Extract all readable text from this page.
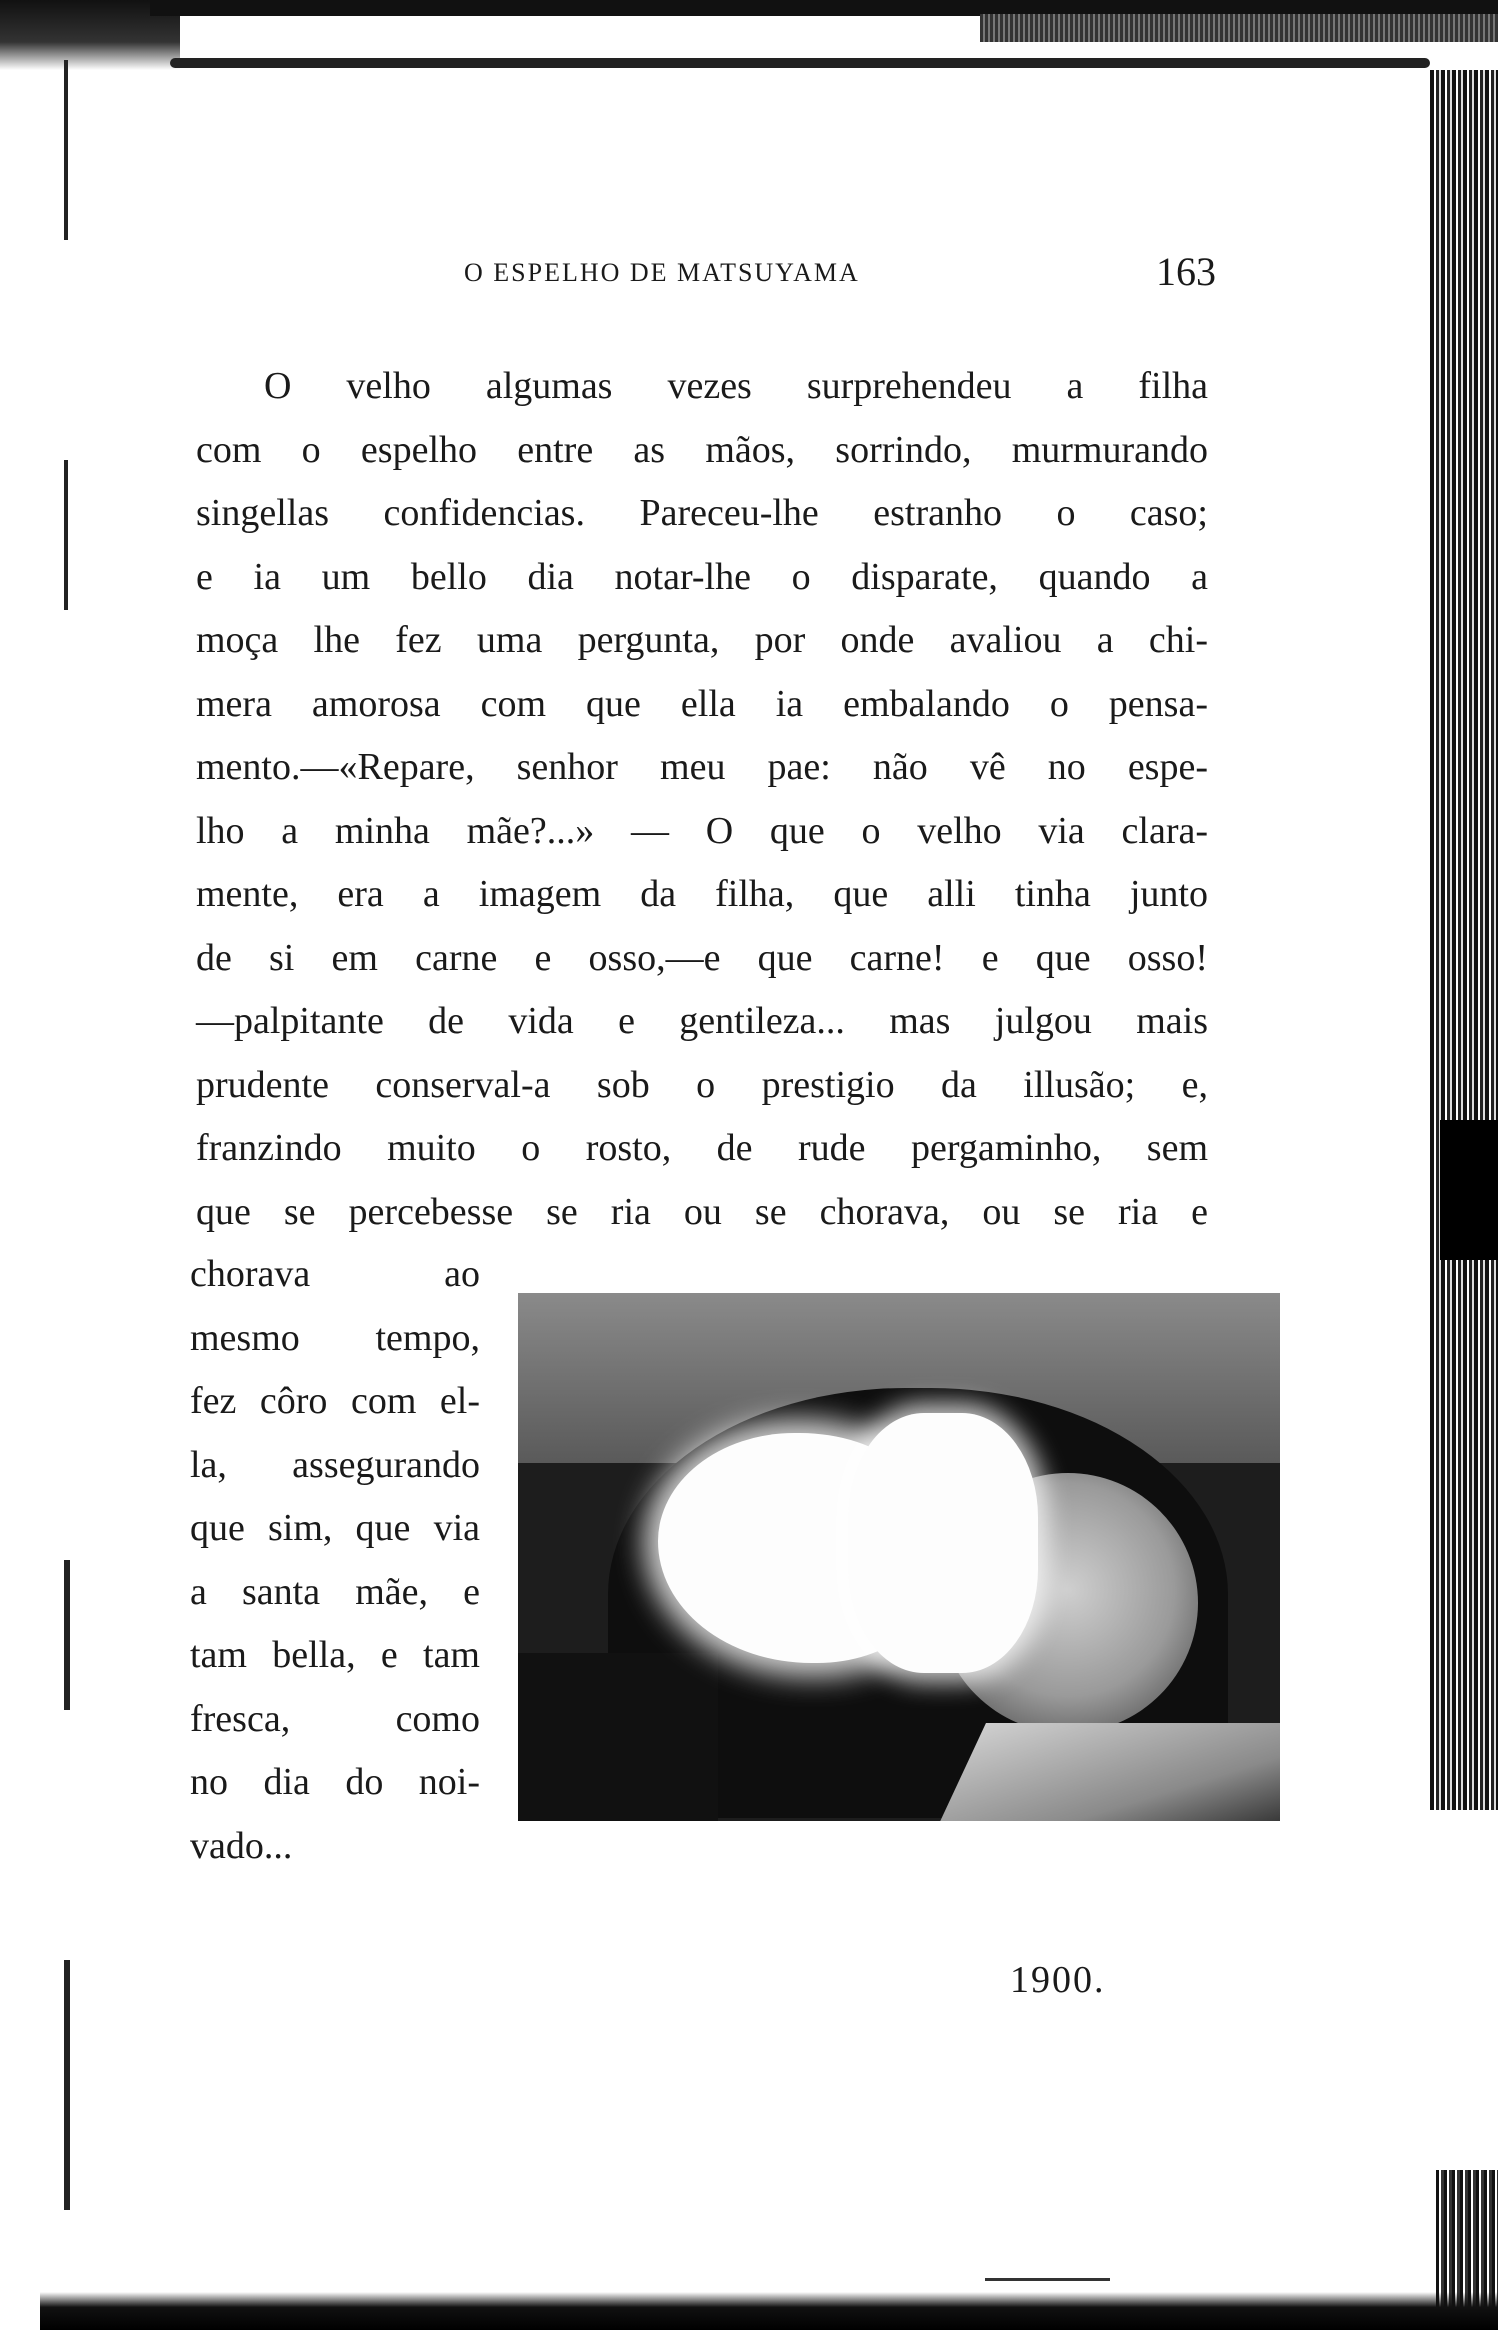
O ESPELHO DE MATSUYAMA	163
O velho algumas vezes surprehendeu a filha
com o espelho entre as mãos, sorrindo, murmurando
singellas confidencias. Pareceu-lhe estranho o caso;
e ia um bello dia notar-lhe o disparate, quando a
moça lhe fez uma pergunta, por onde avaliou a chi-
mera amorosa com que ella ia embalando o pensa-
mento.—«Repare, senhor meu pae: não vê no espe-
lho a minha mãe?...» — O que o velho via clara-
mente, era a imagem da filha, que alli tinha junto
de si em carne e osso,—e que carne! e que osso!
—palpitante de vida e gentileza... mas julgou mais
prudente conserval-a sob o prestigio da illusão; e,
franzindo muito o rosto, de rude pergaminho, sem
que se percebesse se ria ou se chorava, ou se ria e
chorava ao
mesmo tempo,
fez côro com el-
la, assegurando
que sim, que via
a santa mãe, e
tam bella, e tam
fresca, como
no dia do noi-
vado...
1900.
